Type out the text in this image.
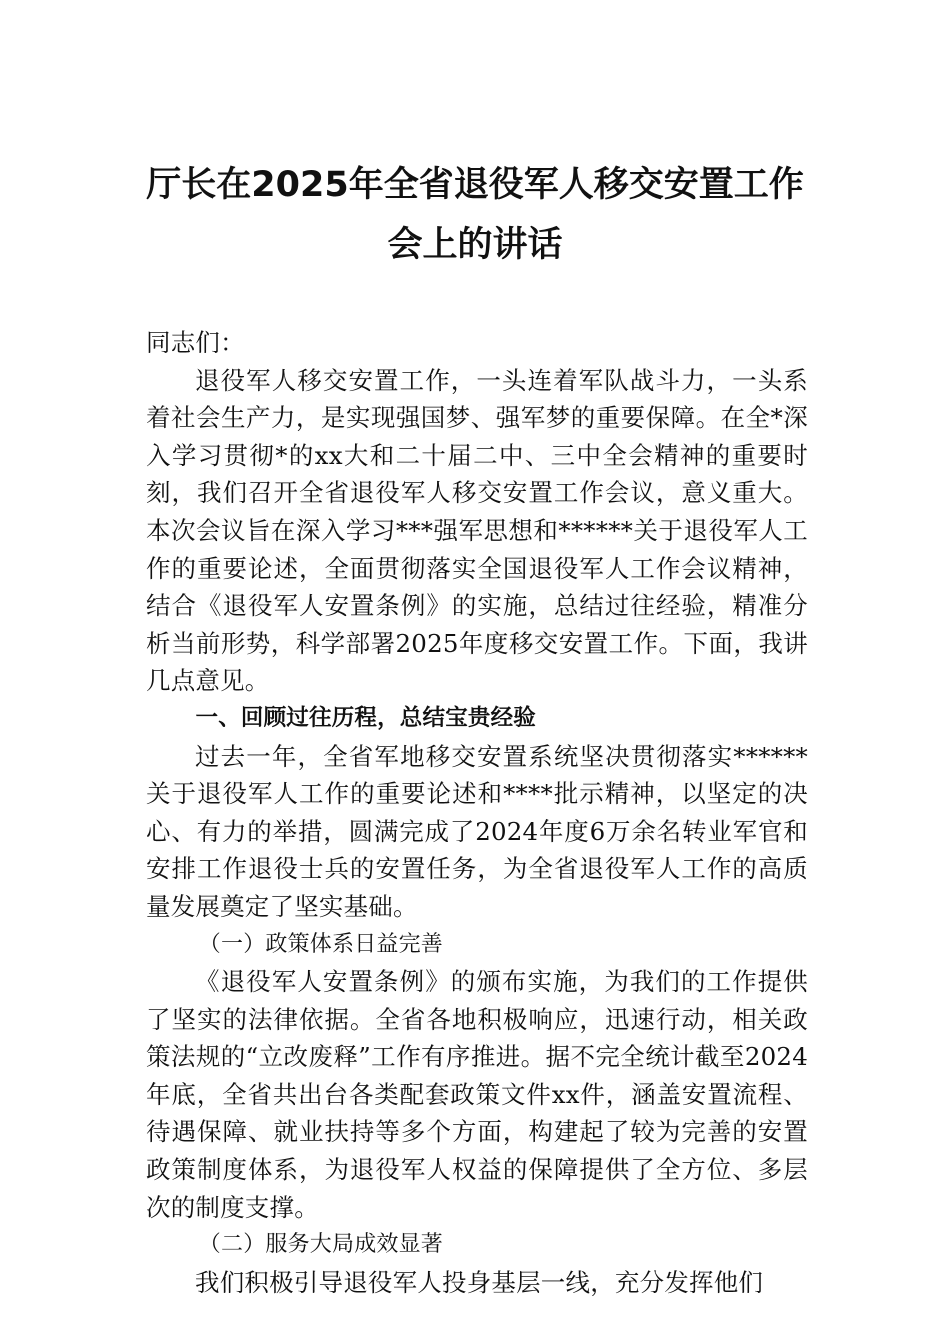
厅长在2025年全省退役军人移交安置工作
会上的讲话

同志们：

退役军人移交安置工作，一头连着军队战斗力，一头系着社会生产力，是实现强国梦、强军梦的重要保障。在全*深入学习贯彻*的xx大和二十届二中、三中全会精神的重要时刻，我们召开全省退役军人移交安置工作会议，意义重大。本次会议旨在深入学习***强军思想和******关于退役军人工作的重要论述，全面贯彻落实全国退役军人工作会议精神，结合《退役军人安置条例》的实施，总结过往经验，精准分析当前形势，科学部署2025年度移交安置工作。下面，我讲几点意见。

一、回顾过往历程，总结宝贵经验

过去一年，全省军地移交安置系统坚决贯彻落实******关于退役军人工作的重要论述和****批示精神，以坚定的决心、有力的举措，圆满完成了2024年度6万余名转业军官和安排工作退役士兵的安置任务，为全省退役军人工作的高质量发展奠定了坚实基础。

（一）政策体系日益完善

《退役军人安置条例》的颁布实施，为我们的工作提供了坚实的法律依据。全省各地积极响应，迅速行动，相关政策法规的“立改废释”工作有序推进。据不完全统计截至2024年底，全省共出台各类配套政策文件xx件，涵盖安置流程、待遇保障、就业扶持等多个方面，构建起了较为完善的安置政策制度体系，为退役军人权益的保障提供了全方位、多层次的制度支撑。

（二）服务大局成效显著

我们积极引导退役军人投身基层一线，充分发挥他们
